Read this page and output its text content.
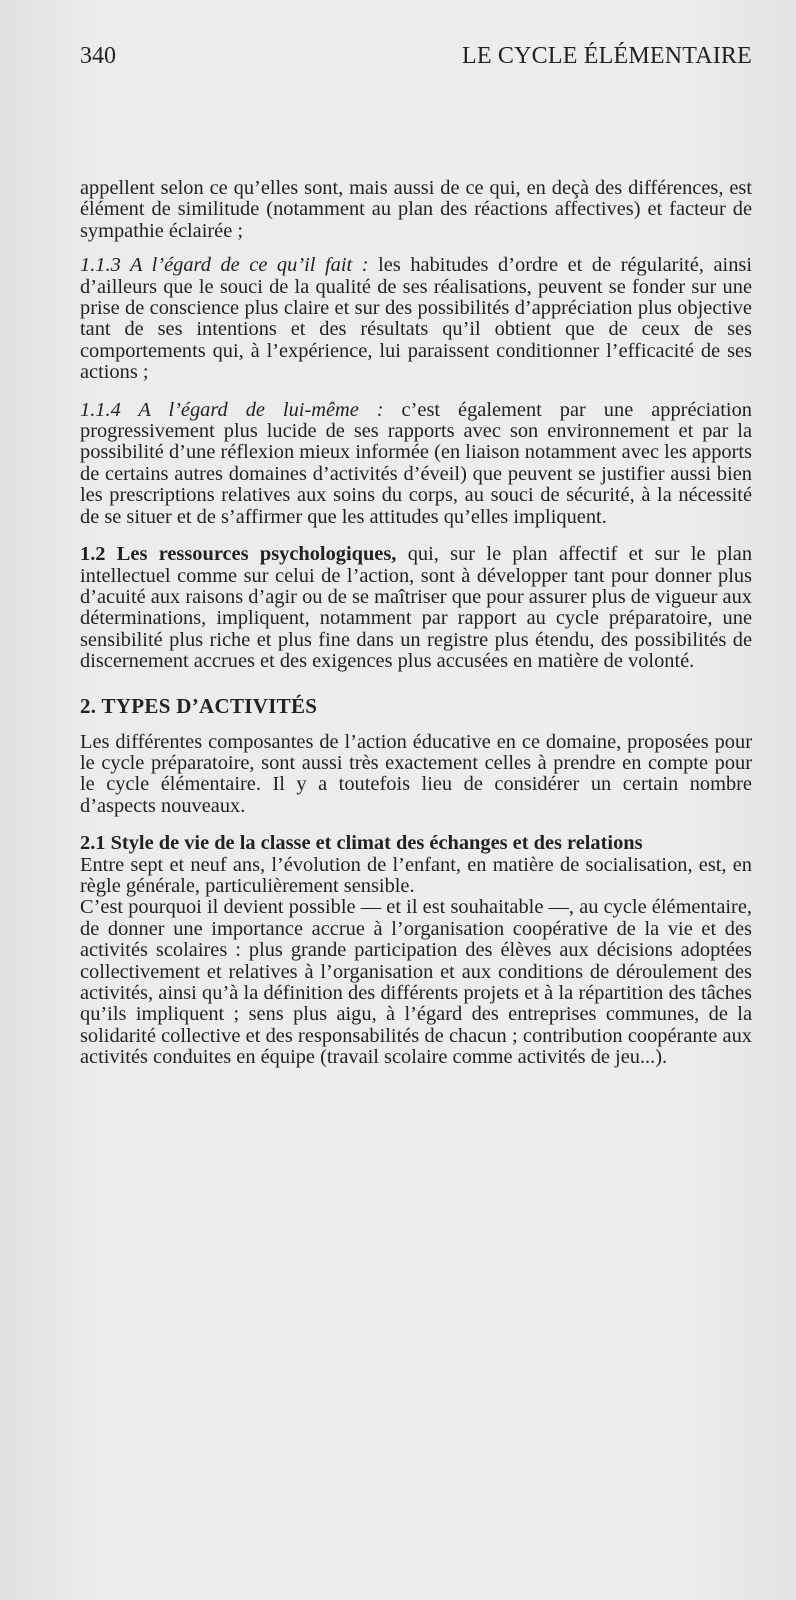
340	LE CYCLE ÉLÉMENTAIRE

appellent selon ce qu’elles sont, mais aussi de ce qui, en deçà des différences, est élément de similitude (notamment au plan des réactions affectives) et facteur de sympathie éclairée ;

1.1.3 A l’égard de ce qu’il fait : les habitudes d’ordre et de régularité, ainsi d’ailleurs que le souci de la qualité de ses réalisations, peuvent se fonder sur une prise de conscience plus claire et sur des possibilités d’appréciation plus objective tant de ses intentions et des résultats qu’il obtient que de ceux de ses comportements qui, à l’expérience, lui paraissent conditionner l’efficacité de ses actions ;

1.1.4 A l’égard de lui-même : c’est également par une appréciation progressivement plus lucide de ses rapports avec son environnement et par la possibilité d’une réflexion mieux informée (en liaison notamment avec les apports de certains autres domaines d’activités d’éveil) que peuvent se justifier aussi bien les prescriptions relatives aux soins du corps, au souci de sécurité, à la nécessité de se situer et de s’affirmer que les attitudes qu’elles impliquent.

1.2 Les ressources psychologiques, qui, sur le plan affectif et sur le plan intellectuel comme sur celui de l’action, sont à développer tant pour donner plus d’acuité aux raisons d’agir ou de se maîtriser que pour assurer plus de vigueur aux déterminations, impliquent, notamment par rapport au cycle préparatoire, une sensibilité plus riche et plus fine dans un registre plus étendu, des possibilités de discernement accrues et des exigences plus accusées en matière de volonté.

2. TYPES D’ACTIVITÉS

Les différentes composantes de l’action éducative en ce domaine, proposées pour le cycle préparatoire, sont aussi très exactement celles à prendre en compte pour le cycle élémentaire. Il y a toutefois lieu de considérer un certain nombre d’aspects nouveaux.

2.1 Style de vie de la classe et climat des échanges et des relations

Entre sept et neuf ans, l’évolution de l’enfant, en matière de socialisation, est, en règle générale, particulièrement sensible.

C’est pourquoi il devient possible — et il est souhaitable —, au cycle élémentaire, de donner une importance accrue à l’organisation coopérative de la vie et des activités scolaires : plus grande participation des élèves aux décisions adoptées collectivement et relatives à l’organisation et aux conditions de déroulement des activités, ainsi qu’à la définition des différents projets et à la répartition des tâches qu’ils impliquent ; sens plus aigu, à l’égard des entreprises communes, de la solidarité collective et des responsabilités de chacun ; contribution coopérante aux activités conduites en équipe (travail scolaire comme activités de jeu...).
